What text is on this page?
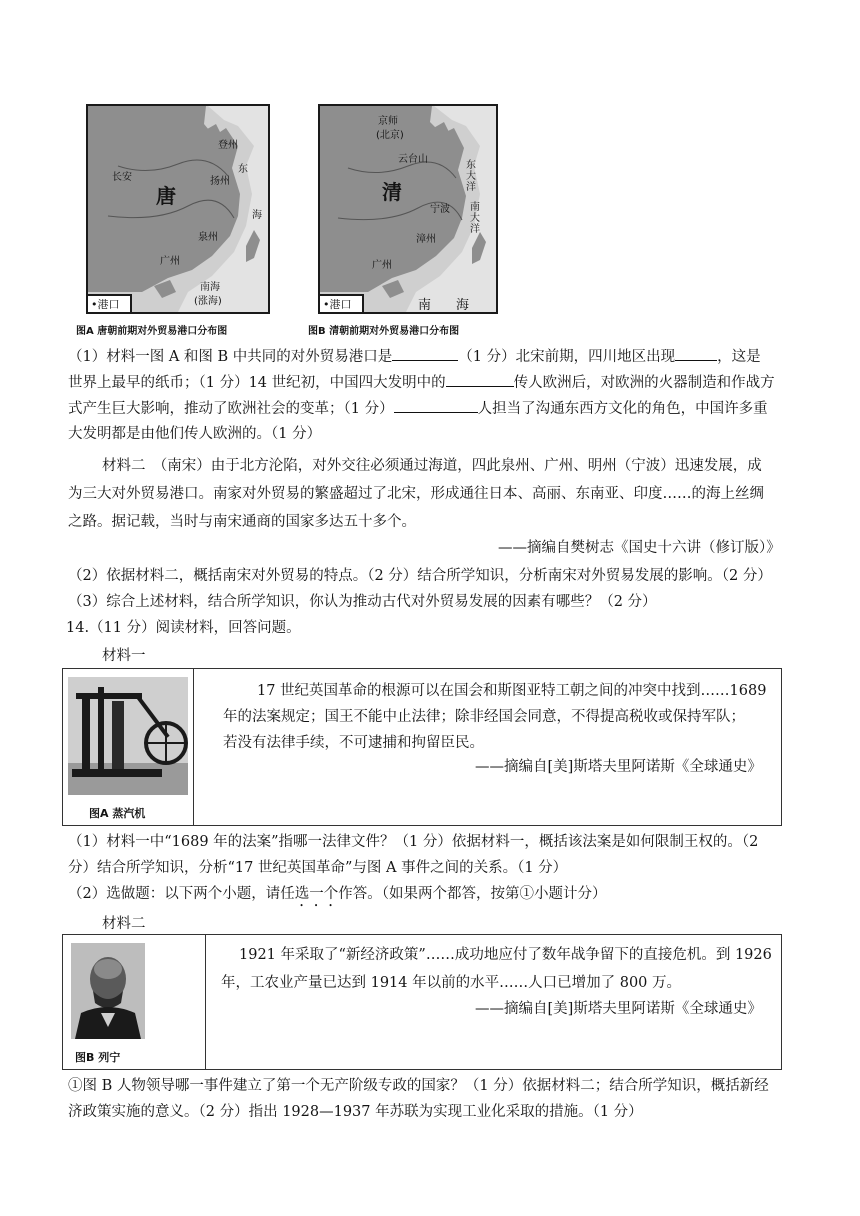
长安
登州
扬州
东
海
泉州
广州
南海
(涨海)
唐
•港口
图A 唐朝前期对外贸易港口分布图
京师
(北京)
云台山
东大洋
宁波 南大洋
漳州
广州
南 海
清
•港口
图B 清朝前期对外贸易港口分布图
（1）材料一图 A 和图 B 中共同的对外贸易港口是	（1 分）北宋前期，四川地区出现	，这是
世界上最早的纸币；（1 分）14 世纪初，中国四大发明中的	传人欧洲后，对欧洲的火器制造和作战方
式产生巨大影响，推动了欧洲社会的变革；（1 分）	人担当了沟通东西方文化的角色，中国许多重
大发明都是由他们传人欧洲的。（1 分）
材料二　（南宋）由于北方沦陷，对外交往必须通过海道，四此泉州、广州、明州（宁波）迅速发展，成
为三大对外贸易港口。南家对外贸易的繁盛超过了北宋，形成通往日本、高丽、东南亚、印度……的海上丝绸
之路。据记载，当时与南宋通商的国家多达五十多个。
——摘编自樊树志《国史十六讲（修订版）》
（2）依据材料二，概括南宋对外贸易的特点。（2 分）结合所学知识，分析南宋对外贸易发展的影响。（2 分）
（3）综合上述材料，结合所学知识，你认为推动古代对外贸易发展的因素有哪些？（2 分）
14.（11 分）阅读材料，回答问题。
材料一
图A 蒸汽机
17 世纪英国革命的根源可以在国会和斯图亚特工朝之间的冲突中找到……1689
年的法案规定；国王不能中止法律；除非经国会同意，不得提高税收或保持军队；
若没有法律手续，不可逮捕和拘留臣民。
——摘编自[美]斯塔夫里阿诺斯《全球通史》
（1）材料一中“1689 年的法案”指哪一法律文件？（1 分）依据材料一，概括该法案是如何限制王权的。（2
分）结合所学知识，分析“17 世纪英国革命”与图 A 事件之间的关系。（1 分）
（2）选做题：以下两个小题，请任选一个作答。（如果两个都答，按第①小题计分）
材料二
图B 列宁
1921 年采取了“新经济政策”……成功地应付了数年战争留下的直接危机。到 1926
年，工农业产量已达到 1914 年以前的水平……人口已增加了 800 万。
——摘编自[美]斯塔夫里阿诺斯《全球通史》
①图 B 人物领导哪一事件建立了第一个无产阶级专政的国家？（1 分）依据材料二；结合所学知识，概括新经
济政策实施的意义。（2 分）指出 1928—1937 年苏联为实现工业化采取的措施。（1 分）
